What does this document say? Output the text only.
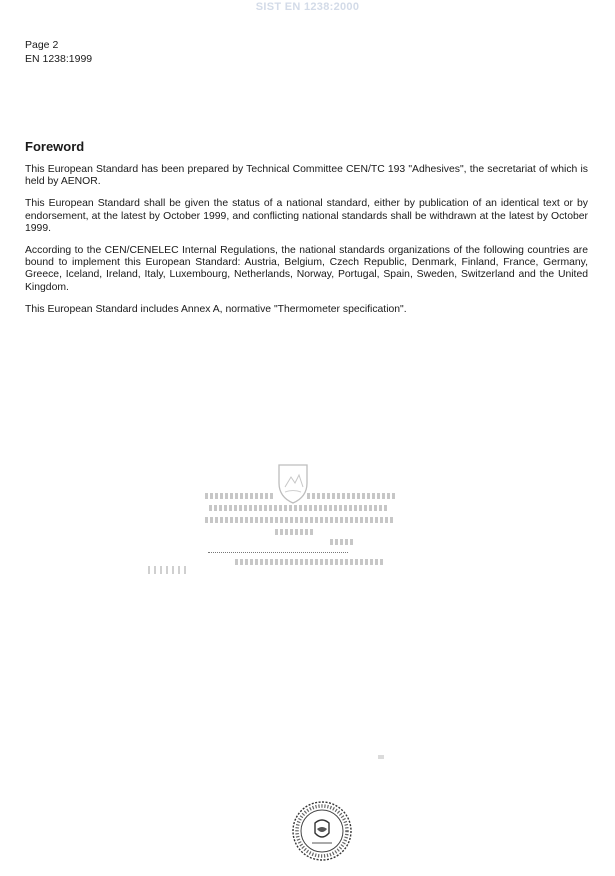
SIST EN 1238:2000
Page 2
EN 1238:1999
Foreword

This European Standard has been prepared by Technical Committee CEN/TC 193 "Adhesives", the secretariat of which is held by AENOR.

This European Standard shall be given the status of a national standard, either by publication of an identical text or by endorsement, at the latest by October 1999, and conflicting national standards shall be withdrawn at the latest by October 1999.

According to the CEN/CENELEC Internal Regulations, the national standards organizations of the following countries are bound to implement this European Standard: Austria, Belgium, Czech Republic, Denmark, Finland, France, Germany, Greece, Iceland, Ireland, Italy, Luxembourg, Netherlands, Norway, Portugal, Spain, Sweden, Switzerland and the United Kingdom.

This European Standard includes Annex A, normative "Thermometer specification".
